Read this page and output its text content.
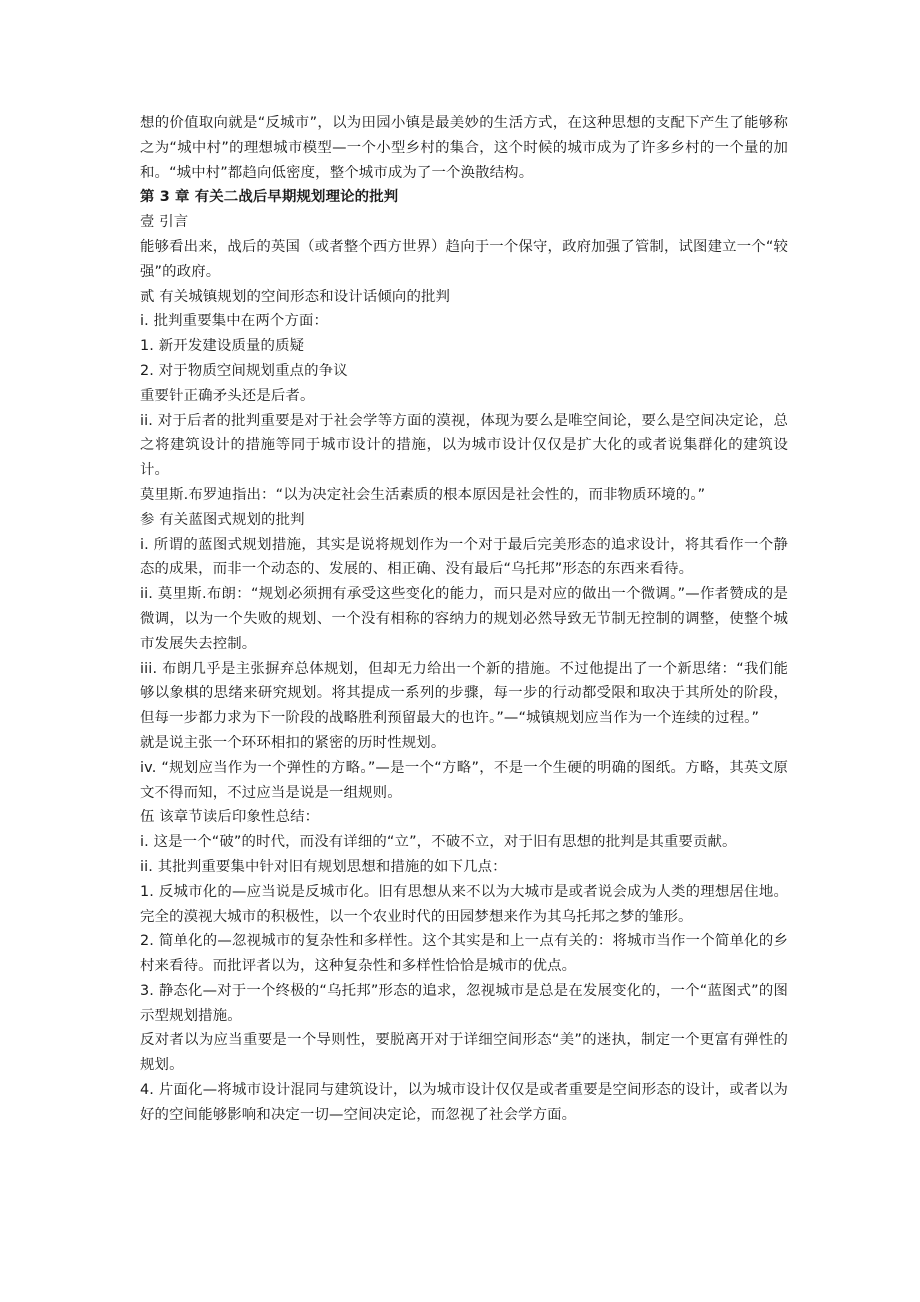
想的价值取向就是“反城市”，以为田园小镇是最美妙的生活方式，在这种思想的支配下产生了能够称之为“城中村”的理想城市模型—一个小型乡村的集合，这个时候的城市成为了许多乡村的一个量的加和。“城中村”都趋向低密度，整个城市成为了一个涣散结构。

第 3 章 有关二战后早期规划理论的批判

壹 引言

能够看出来，战后的英国（或者整个西方世界）趋向于一个保守，政府加强了管制，试图建立一个“较强”的政府。

贰 有关城镇规划的空间形态和设计话倾向的批判

i. 批判重要集中在两个方面：

1. 新开发建设质量的质疑

2. 对于物质空间规划重点的争议

重要针正确矛头还是后者。

ii. 对于后者的批判重要是对于社会学等方面的漠视，体现为要么是唯空间论，要么是空间决定论，总之将建筑设计的措施等同于城市设计的措施，以为城市设计仅仅是扩大化的或者说集群化的建筑设计。

莫里斯.布罗迪指出：“以为决定社会生活素质的根本原因是社会性的，而非物质环境的。”

参 有关蓝图式规划的批判

i. 所谓的蓝图式规划措施，其实是说将规划作为一个对于最后完美形态的追求设计，将其看作一个静态的成果，而非一个动态的、发展的、相正确、没有最后“乌托邦”形态的东西来看待。

ii. 莫里斯.布朗：“规划必须拥有承受这些变化的能力，而只是对应的做出一个微调。”—作者赞成的是微调，以为一个失败的规划、一个没有相称的容纳力的规划必然导致无节制无控制的调整，使整个城市发展失去控制。

iii. 布朗几乎是主张摒弃总体规划，但却无力给出一个新的措施。不过他提出了一个新思绪：“我们能够以象棋的思绪来研究规划。将其提成一系列的步骤，每一步的行动都受限和取决于其所处的阶段，但每一步都力求为下一阶段的战略胜利预留最大的也许。”—“城镇规划应当作为一个连续的过程。”

就是说主张一个环环相扣的紧密的历时性规划。

iv. “规划应当作为一个弹性的方略。”—是一个“方略”，不是一个生硬的明确的图纸。方略，其英文原文不得而知，不过应当是说是一组规则。

伍 该章节读后印象性总结：

i. 这是一个“破”的时代，而没有详细的“立”，不破不立，对于旧有思想的批判是其重要贡献。

ii. 其批判重要集中针对旧有规划思想和措施的如下几点：

1. 反城市化的—应当说是反城市化。旧有思想从来不以为大城市是或者说会成为人类的理想居住地。完全的漠视大城市的积极性，以一个农业时代的田园梦想来作为其乌托邦之梦的雏形。

2. 简单化的—忽视城市的复杂性和多样性。这个其实是和上一点有关的：将城市当作一个简单化的乡村来看待。而批评者以为，这种复杂性和多样性恰恰是城市的优点。

3. 静态化—对于一个终极的“乌托邦”形态的追求，忽视城市是总是在发展变化的，一个“蓝图式”的图示型规划措施。

反对者以为应当重要是一个导则性，要脱离开对于详细空间形态“美”的迷执，制定一个更富有弹性的规划。

4. 片面化—将城市设计混同与建筑设计，以为城市设计仅仅是或者重要是空间形态的设计，或者以为好的空间能够影响和决定一切—空间决定论，而忽视了社会学方面。
